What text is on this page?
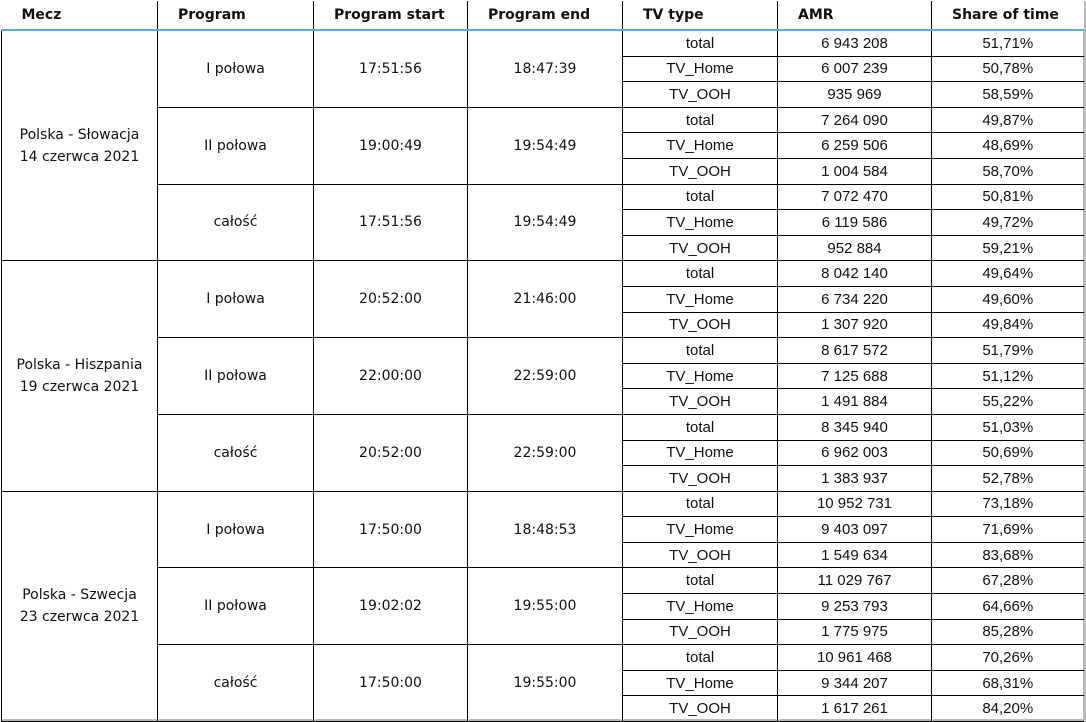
Mecz	Program	Program start	Program end	TV type	AMR	Share of time

Polska - Słowacja
14 czerwca 2021	I połowa	17:51:56	18:47:39	total	6 943 208	51,71%
				TV_Home	6 007 239	50,78%
				TV_OOH	935 969	58,59%
	II połowa	19:00:49	19:54:49	total	7 264 090	49,87%
				TV_Home	6 259 506	48,69%
				TV_OOH	1 004 584	58,70%
	całość	17:51:56	19:54:49	total	7 072 470	50,81%
				TV_Home	6 119 586	49,72%
				TV_OOH	952 884	59,21%

Polska - Hiszpania
19 czerwca 2021	I połowa	20:52:00	21:46:00	total	8 042 140	49,64%
				TV_Home	6 734 220	49,60%
				TV_OOH	1 307 920	49,84%
	II połowa	22:00:00	22:59:00	total	8 617 572	51,79%
				TV_Home	7 125 688	51,12%
				TV_OOH	1 491 884	55,22%
	całość	20:52:00	22:59:00	total	8 345 940	51,03%
				TV_Home	6 962 003	50,69%
				TV_OOH	1 383 937	52,78%

Polska - Szwecja
23 czerwca 2021	I połowa	17:50:00	18:48:53	total	10 952 731	73,18%
				TV_Home	9 403 097	71,69%
				TV_OOH	1 549 634	83,68%
	II połowa	19:02:02	19:55:00	total	11 029 767	67,28%
				TV_Home	9 253 793	64,66%
				TV_OOH	1 775 975	85,28%
	całość	17:50:00	19:55:00	total	10 961 468	70,26%
				TV_Home	9 344 207	68,31%
				TV_OOH	1 617 261	84,20%
